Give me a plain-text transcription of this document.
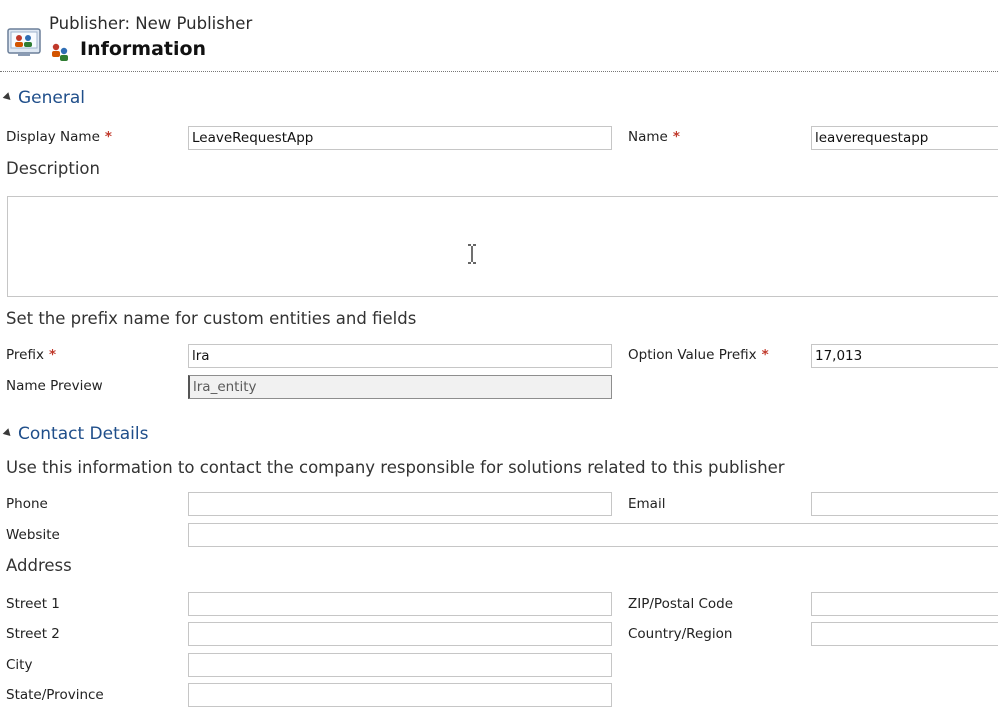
Publisher: New Publisher
Information
General
Display Name *	LeaveRequestApp	Name *	leaverequestapp
Description
Set the prefix name for custom entities and fields
Prefix *	lra	Option Value Prefix *	17,013
Name Preview	lra_entity
Contact Details
Use this information to contact the company responsible for solutions related to this publisher
Phone	Email
Website
Address
Street 1	ZIP/Postal Code
Street 2	Country/Region
City
State/Province
